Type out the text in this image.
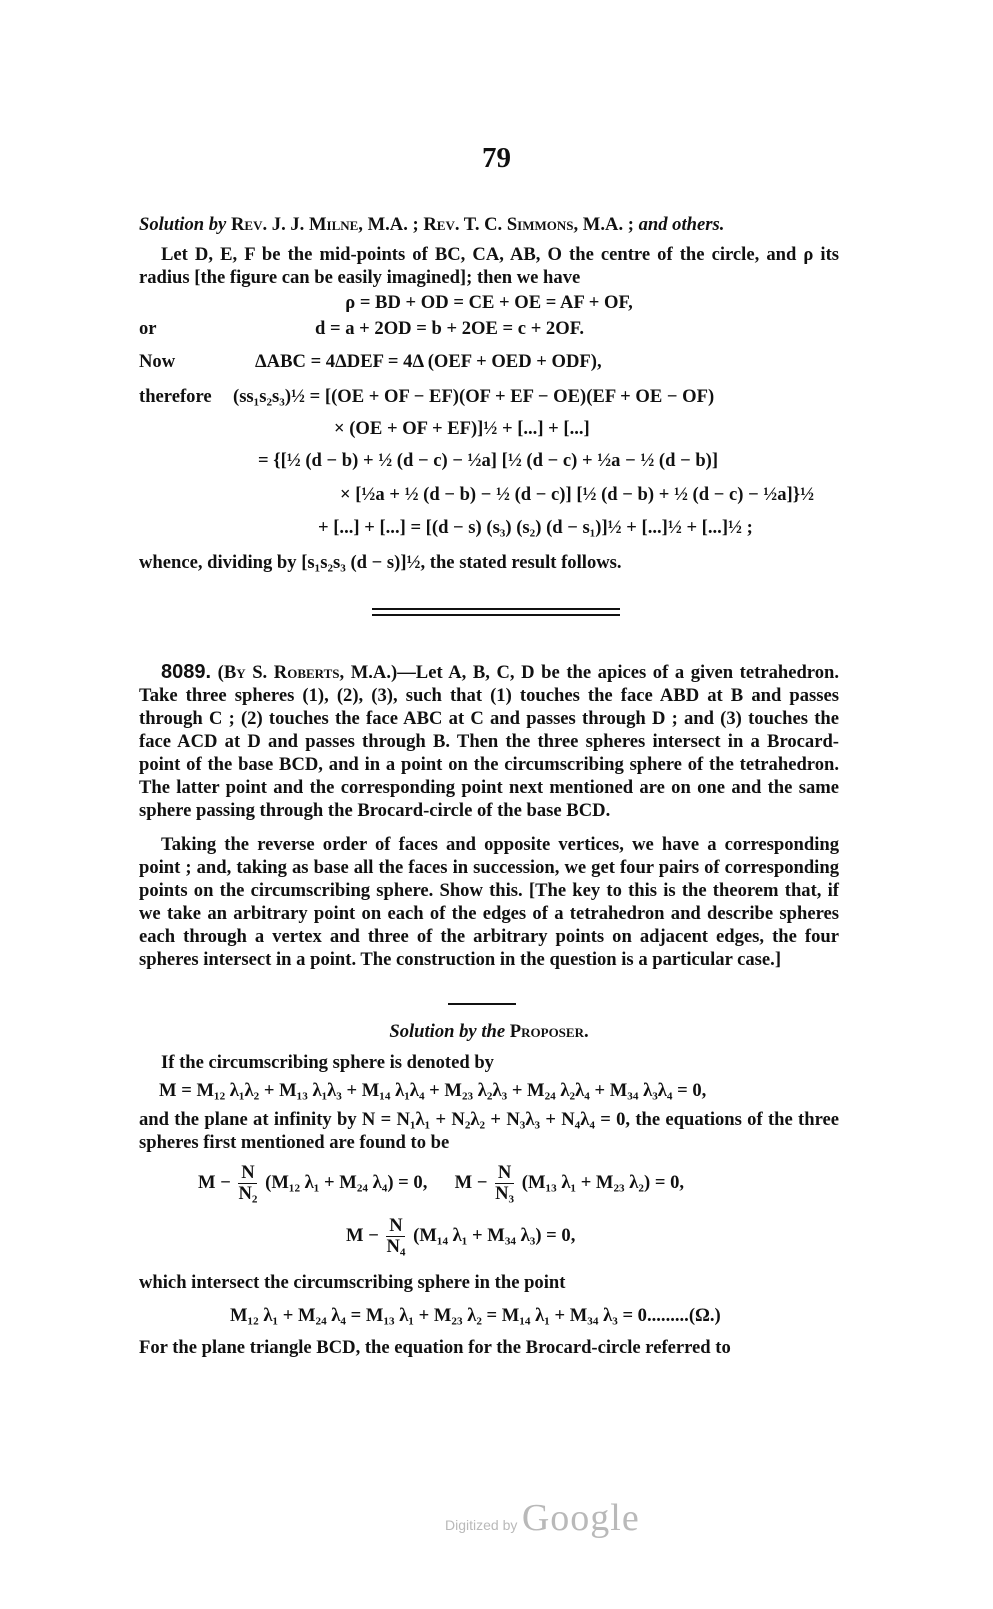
79
Solution by Rev. J. J. Milne, M.A. ; Rev. T. C. Simmons, M.A. ; and others.
Let D, E, F be the mid-points of BC, CA, AB, O the centre of the circle, and ρ its radius [the figure can be easily imagined]; then we have
ρ = BD + OD = CE + OE = AF + OF,
or	d = a + 2OD = b + 2OE = c + 2OF.
Now	ΔABC = 4ΔDEF = 4Δ (OEF + OED + ODF),
therefore (ss₁s₂s₃)½ = [(OE + OF − EF)(OF + EF − OE)(EF + OE − OF)
× (OE + OF + EF)]½ + [...] + [...]
= {[½ (d − b) + ½ (d − c) − ½a] [½ (d − c) + ½a − ½ (d − b)]
× [½a + ½ (d − b) − ½ (d − c)] [½ (d − b) + ½ (d − c) − ½a]}½
+ [...] + [...] = [(d − s) (s₃) (s₂) (d − s₁)]½ + [...]½ + [...]½ ;
whence, dividing by [s₁s₂s₃ (d − s)]½, the stated result follows.
8089. (By S. Roberts, M.A.)—Let A, B, C, D be the apices of a given tetrahedron. Take three spheres (1), (2), (3), such that (1) touches the face ABD at B and passes through C ; (2) touches the face ABC at C and passes through D ; and (3) touches the face ACD at D and passes through B. Then the three spheres intersect in a Brocard-point of the base BCD, and in a point on the circumscribing sphere of the tetrahedron. The latter point and the corresponding point next mentioned are on one and the same sphere passing through the Brocard-circle of the base BCD.
Taking the reverse order of faces and opposite vertices, we have a corresponding point ; and, taking as base all the faces in succession, we get four pairs of corresponding points on the circumscribing sphere. Show this. [The key to this is the theorem that, if we take an arbitrary point on each of the edges of a tetrahedron and describe spheres each through a vertex and three of the arbitrary points on adjacent edges, the four spheres intersect in a point. The construction in the question is a particular case.]
Solution by the Proposer.
If the circumscribing sphere is denoted by
M = M₁₂ λ₁λ₂ + M₁₃ λ₁λ₃ + M₁₄ λ₁λ₄ + M₂₃ λ₂λ₃ + M₂₄ λ₂λ₄ + M₃₄ λ₃λ₄ = 0,
and the plane at infinity by N = N₁λ₁ + N₂λ₂ + N₃λ₃ + N₄λ₄ = 0, the equations of the three spheres first mentioned are found to be
$M - \frac{N}{\text{N₂}} (M_{12}$ λ₁ + M₂₄ λ₄) = 0, $M - \frac{N}{\text{N₃}} (M_{13}$ λ₁ + M₂₃ λ₂) = 0,
$M - \frac{N}{\text{N₄}} (M_{14}$ λ₁ + M₃₄ λ₃) = 0,
which intersect the circumscribing sphere in the point
M₁₂ λ₁ + M₂₄ λ₄ = M₁₃ λ₁ + M₂₃ λ₂ = M₁₄ λ₁ + M₃₄ λ₃ = 0.........(Ω.)
For the plane triangle BCD, the equation for the Brocard-circle referred to
Digitized by Google
